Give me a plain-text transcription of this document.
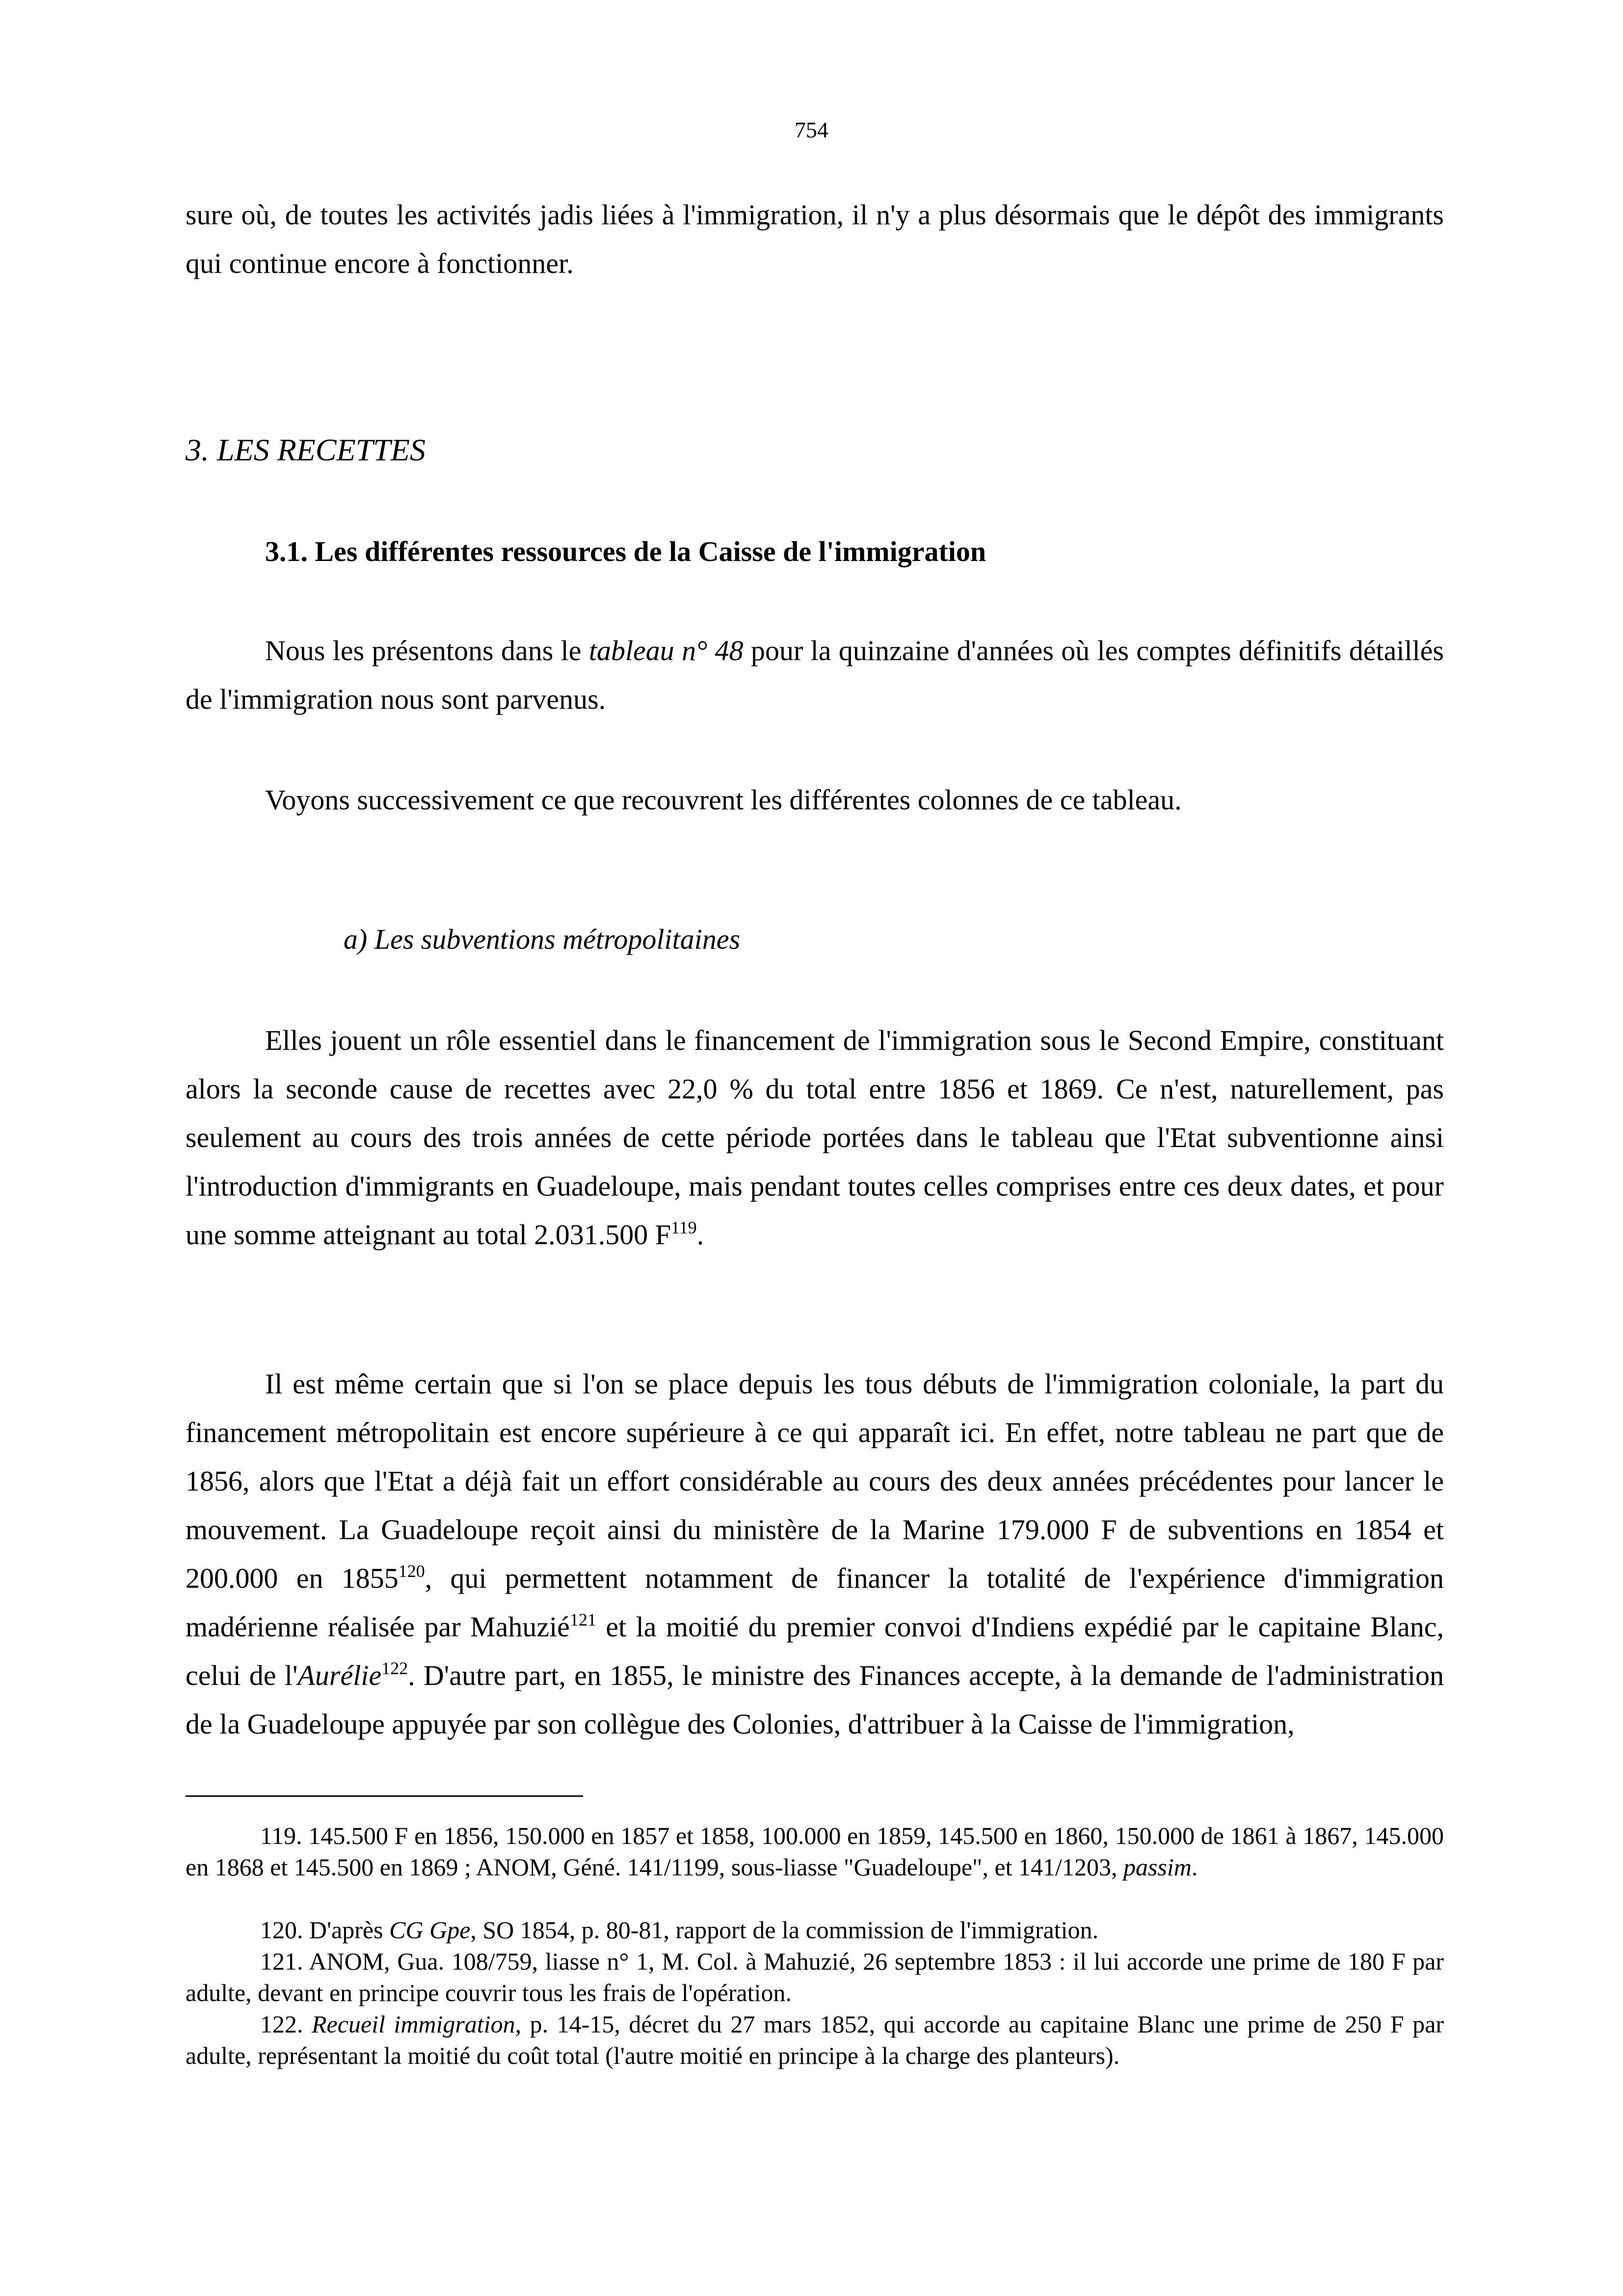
754

sure où, de toutes les activités jadis liées à l'immigration, il n'y a plus désormais que le dépôt des immigrants qui continue encore à fonctionner.

3. LES RECETTES
3.1. Les différentes ressources de la Caisse de l'immigration

Nous les présentons dans le tableau n° 48 pour la quinzaine d'années où les comptes définitifs détaillés de l'immigration nous sont parvenus.

Voyons successivement ce que recouvrent les différentes colonnes de ce tableau.

a) Les subventions métropolitaines

Elles jouent un rôle essentiel dans le financement de l'immigration sous le Second Empire, constituant alors la seconde cause de recettes avec 22,0 % du total entre 1856 et 1869. Ce n'est, naturellement, pas seulement au cours des trois années de cette période portées dans le tableau que l'Etat subventionne ainsi l'introduction d'immigrants en Guadeloupe, mais pendant toutes celles comprises entre ces deux dates, et pour une somme atteignant au total 2.031.500 $F^{119}$.

Il est même certain que si l'on se place depuis les tous débuts de l'immigration coloniale, la part du financement métropolitain est encore supérieure à ce qui apparaît ici. En effet, notre tableau ne part que de 1856, alors que l'Etat a déjà fait un effort considérable au cours des deux années précédentes pour lancer le mouvement. La Guadeloupe reçoit ainsi du ministère de la Marine 179.000 F de subventions en 1854 et 200.000 en 1855$^{120}$, qui permettent notamment de financer la totalité de l'expérience d'immigration madérienne réalisée par Mahuzié$^{121}$ et la moitié du premier convoi d'Indiens expédié par le capitaine Blanc, celui de l'Aurélie$^{122}$. D'autre part, en 1855, le ministre des Finances accepte, à la demande de l'administration de la Guadeloupe appuyée par son collègue des Colonies, d'attribuer à la Caisse de l'immigration,

119. 145.500 F en 1856, 150.000 en 1857 et 1858, 100.000 en 1859, 145.500 en 1860, 150.000 de 1861 à 1867, 145.000 en 1868 et 145.500 en 1869 ; ANOM, Géné. 141/1199, sous-liasse "Guadeloupe", et 141/1203, passim.

120. D'après CG Gpe, SO 1854, p. 80-81, rapport de la commission de l'immigration.

121. ANOM, Gua. 108/759, liasse n° 1, M. Col. à Mahuzié, 26 septembre 1853 : il lui accorde une prime de 180 F par adulte, devant en principe couvrir tous les frais de l'opération.

122. Recueil immigration, p. 14-15, décret du 27 mars 1852, qui accorde au capitaine Blanc une prime de 250 F par adulte, représentant la moitié du coût total (l'autre moitié en principe à la charge des planteurs).
